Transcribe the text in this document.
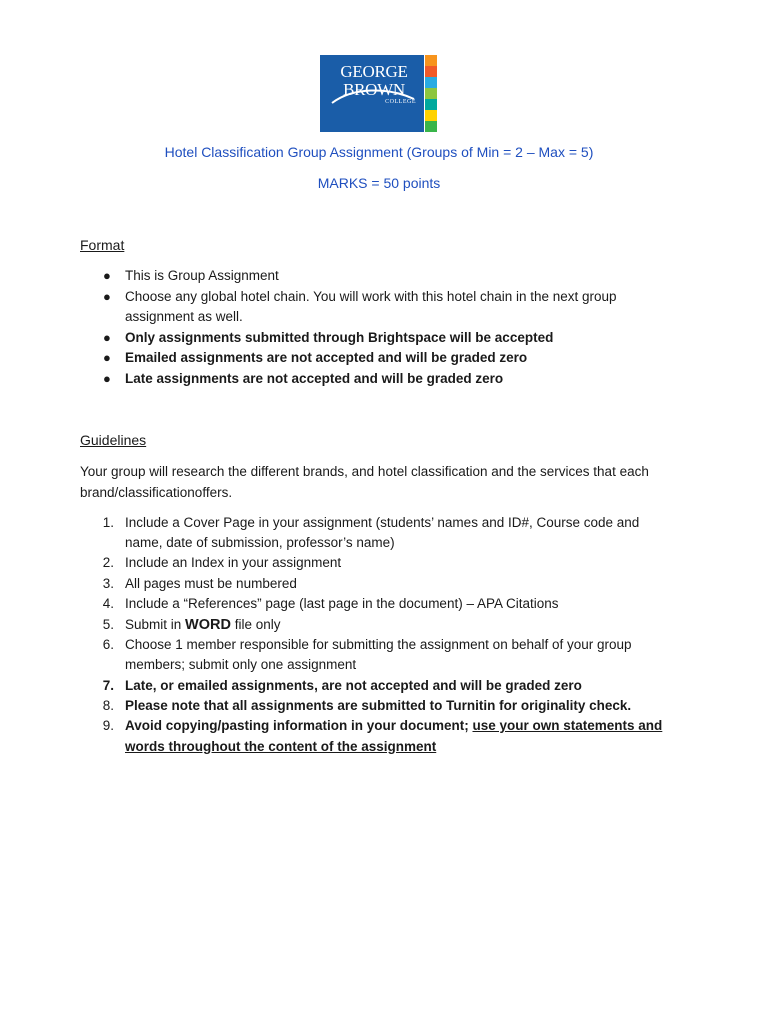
GEORGE
BROWN
COLLEGE
Hotel Classification Group Assignment (Groups of Min = 2 – Max = 5)
MARKS = 50 points
Format
● This is Group Assignment
● Choose any global hotel chain. You will work with this hotel chain in the next group
assignment as well.
● Only assignments submitted through Brightspace will be accepted
● Emailed assignments are not accepted and will be graded zero
● Late assignments are not accepted and will be graded zero
Guidelines
Your group will research the different brands, and hotel classification and the services that each
brand/classificationoffers.
1. Include a Cover Page in your assignment (students’ names and ID#, Course code and
name, date of submission, professor’s name)
2. Include an Index in your assignment
3. All pages must be numbered
4. Include a “References” page (last page in the document) – APA Citations
5. Submit in WORD file only
6. Choose 1 member responsible for submitting the assignment on behalf of your group
members; submit only one assignment
7. Late, or emailed assignments, are not accepted and will be graded zero
8. Please note that all assignments are submitted to Turnitin for originality check.
9. Avoid copying/pasting information in your document; use your own statements and
words throughout the content of the assignment
